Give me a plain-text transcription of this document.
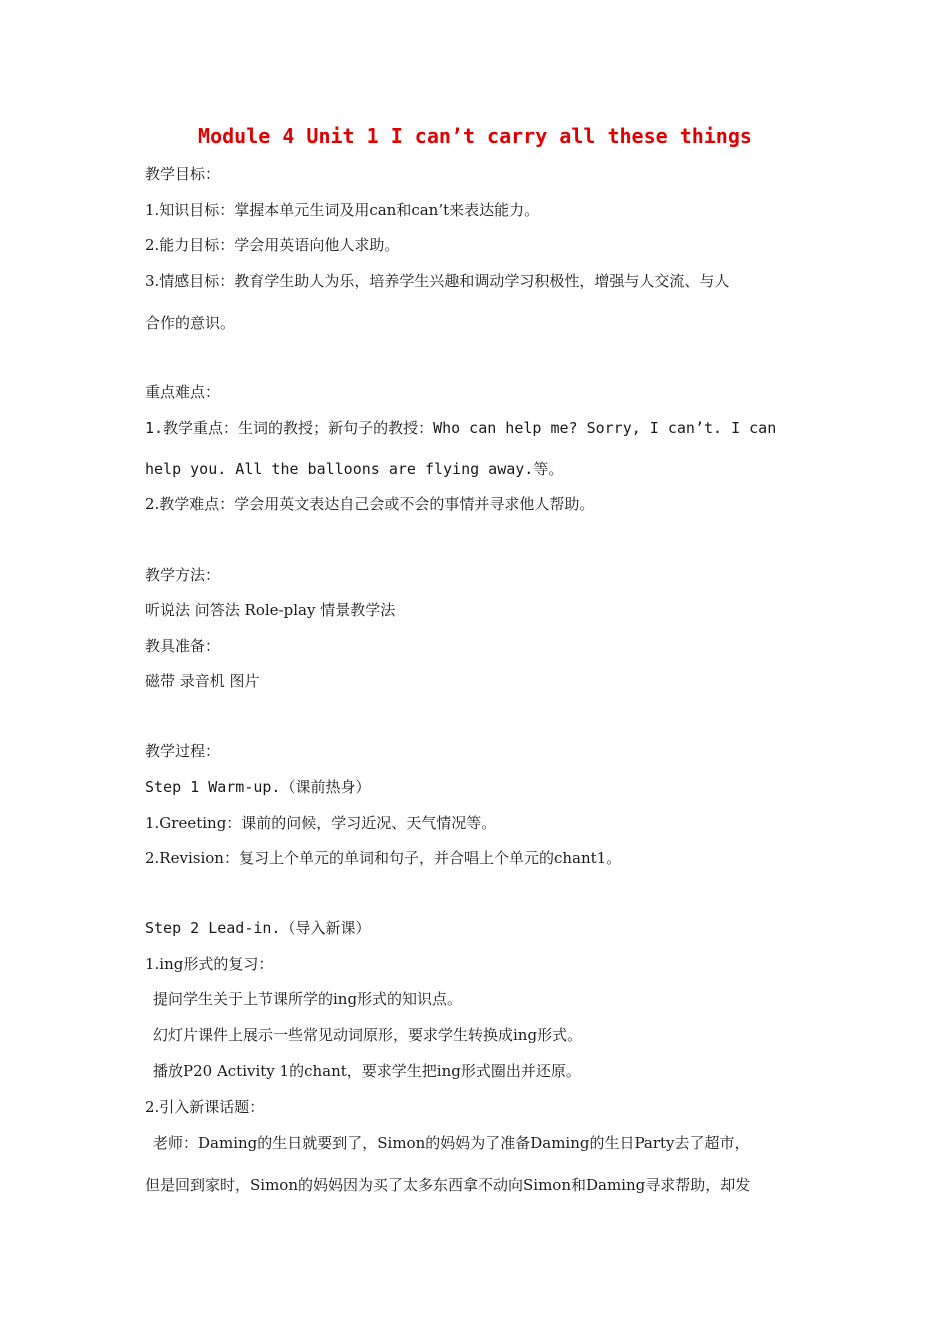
Module 4 Unit 1 I can’t carry all these things
教学目标：
1.知识目标：掌握本单元生词及用can和can’t来表达能力。
2.能力目标：学会用英语向他人求助。
3.情感目标：教育学生助人为乐，培养学生兴趣和调动学习积极性，增强与人交流、与人
合作的意识。
重点难点：
1.教学重点：生词的教授；新句子的教授：Who can help me? Sorry, I can’t. I can
help you. All the balloons are flying away.等。
2.教学难点：学会用英文表达自己会或不会的事情并寻求他人帮助。
教学方法：
听说法 问答法 Role-play 情景教学法
教具准备：
磁带 录音机 图片
教学过程：
Step 1 Warm-up.（课前热身）
1.Greeting：课前的问候，学习近况、天气情况等。
2.Revision：复习上个单元的单词和句子，并合唱上个单元的chant1。
Step 2 Lead-in.（导入新课）
1.ing形式的复习：
提问学生关于上节课所学的ing形式的知识点。
幻灯片课件上展示一些常见动词原形，要求学生转换成ing形式。
播放P20 Activity 1的chant，要求学生把ing形式圈出并还原。
2.引入新课话题：
老师：Daming的生日就要到了，Simon的妈妈为了准备Daming的生日Party去了超市，
但是回到家时，Simon的妈妈因为买了太多东西拿不动向Simon和Daming寻求帮助，却发
